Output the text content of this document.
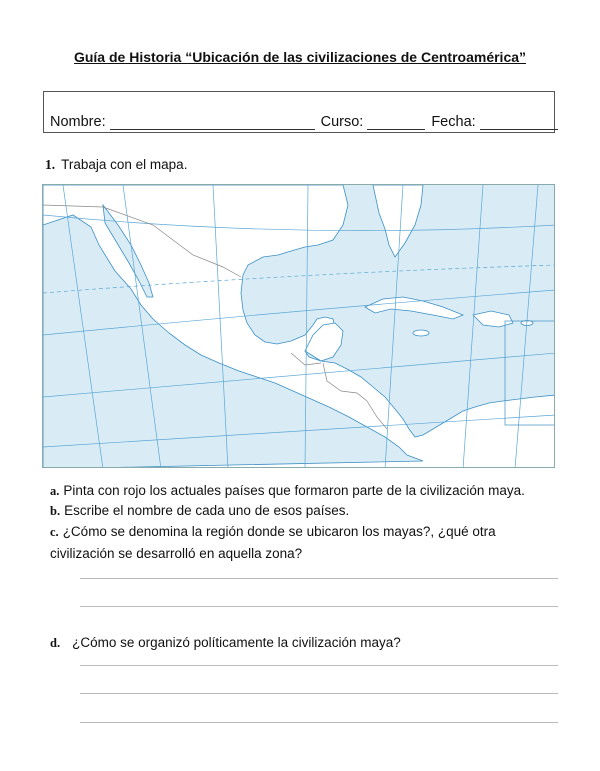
Guía de Historia “Ubicación de las civilizaciones de Centroamérica”
Nombre:	Curso:	Fecha:
1. Trabaja con el mapa.
a. Pinta con rojo los actuales países que formaron parte de la civilización maya.
b. Escribe el nombre de cada uno de esos países.
c. ¿Cómo se denomina la región donde se ubicaron los mayas?, ¿qué otra civilización se desarrolló en aquella zona?
d. ¿Cómo se organizó políticamente la civilización maya?
